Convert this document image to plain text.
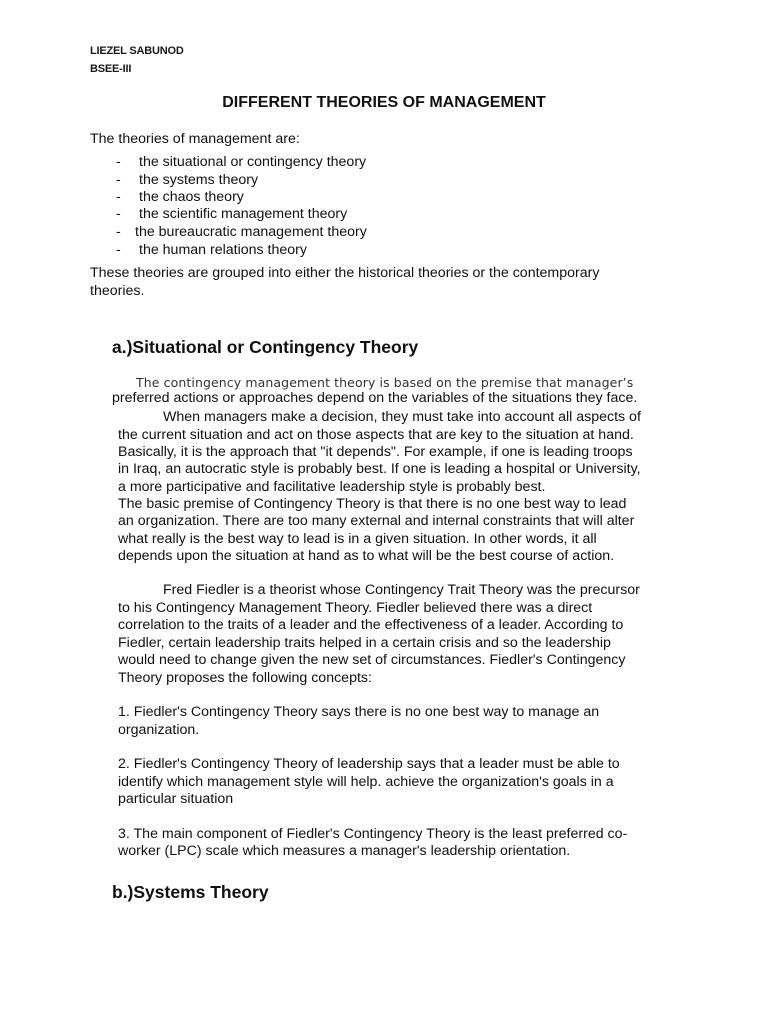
LIEZEL SABUNOD
BSEE-III
DIFFERENT THEORIES OF MANAGEMENT
The theories of management are:
- the situational or contingency theory
- the systems theory
- the chaos theory
- the scientific management theory
- the bureaucratic management theory
- the human relations theory
These theories are grouped into either the historical theories or the contemporary
theories.
a.)Situational or Contingency Theory
The contingency management theory is based on the premise that manager’s
preferred actions or approaches depend on the variables of the situations they face.
When managers make a decision, they must take into account all aspects of
the current situation and act on those aspects that are key to the situation at hand.
Basically, it is the approach that "it depends". For example, if one is leading troops
in Iraq, an autocratic style is probably best. If one is leading a hospital or University,
a more participative and facilitative leadership style is probably best.
The basic premise of Contingency Theory is that there is no one best way to lead
an organization. There are too many external and internal constraints that will alter
what really is the best way to lead is in a given situation. In other words, it all
depends upon the situation at hand as to what will be the best course of action.
Fred Fiedler is a theorist whose Contingency Trait Theory was the precursor
to his Contingency Management Theory. Fiedler believed there was a direct
correlation to the traits of a leader and the effectiveness of a leader. According to
Fiedler, certain leadership traits helped in a certain crisis and so the leadership
would need to change given the new set of circumstances. Fiedler's Contingency
Theory proposes the following concepts:
1. Fiedler's Contingency Theory says there is no one best way to manage an
organization.
2. Fiedler's Contingency Theory of leadership says that a leader must be able to
identify which management style will help. achieve the organization's goals in a
particular situation
3. The main component of Fiedler's Contingency Theory is the least preferred co-
worker (LPC) scale which measures a manager's leadership orientation.
b.)Systems Theory
